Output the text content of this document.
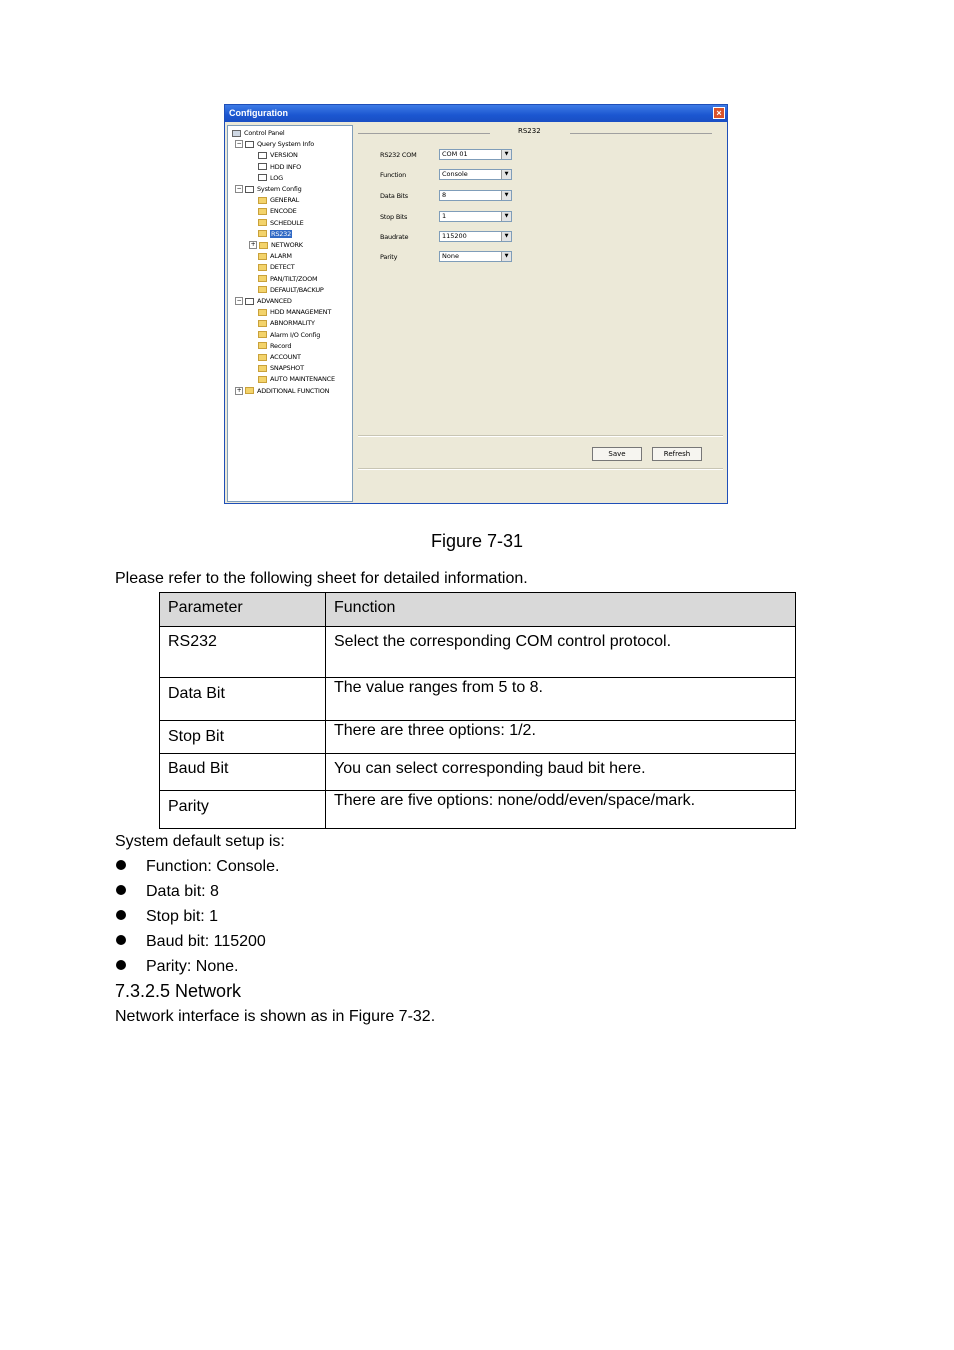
Configuration	×
Control Panel
− Query System Info
VERSION
HDD INFO
LOG
− System Config
GENERAL
ENCODE
SCHEDULE
RS232
+ NETWORK
ALARM
DETECT
PAN/TILT/ZOOM
DEFAULT/BACKUP
− ADVANCED
HDD MANAGEMENT
ABNORMALITY
Alarm I/O Config
Record
ACCOUNT
SNAPSHOT
AUTO MAINTENANCE
+ ADDITIONAL FUNCTION
RS232
RS232 COM	COM 01	▼
Function	Console	▼
Data Bits	8	▼
Stop Bits	1	▼
Baudrate	115200	▼
Parity	None	▼
Save	Refresh
Figure 7-31
Please refer to the following sheet for detailed information.
Parameter	Function
RS232	Select the corresponding COM control protocol.
Data Bit	The value ranges from 5 to 8.
Stop Bit	There are three options: 1/2.
Baud Bit	You can select corresponding baud bit here.
Parity	There are five options: none/odd/even/space/mark.
System default setup is:
Function: Console.
Data bit: 8
Stop bit: 1
Baud bit: 115200
Parity: None.
7.3.2.5 Network
Network interface is shown as in Figure 7-32.
